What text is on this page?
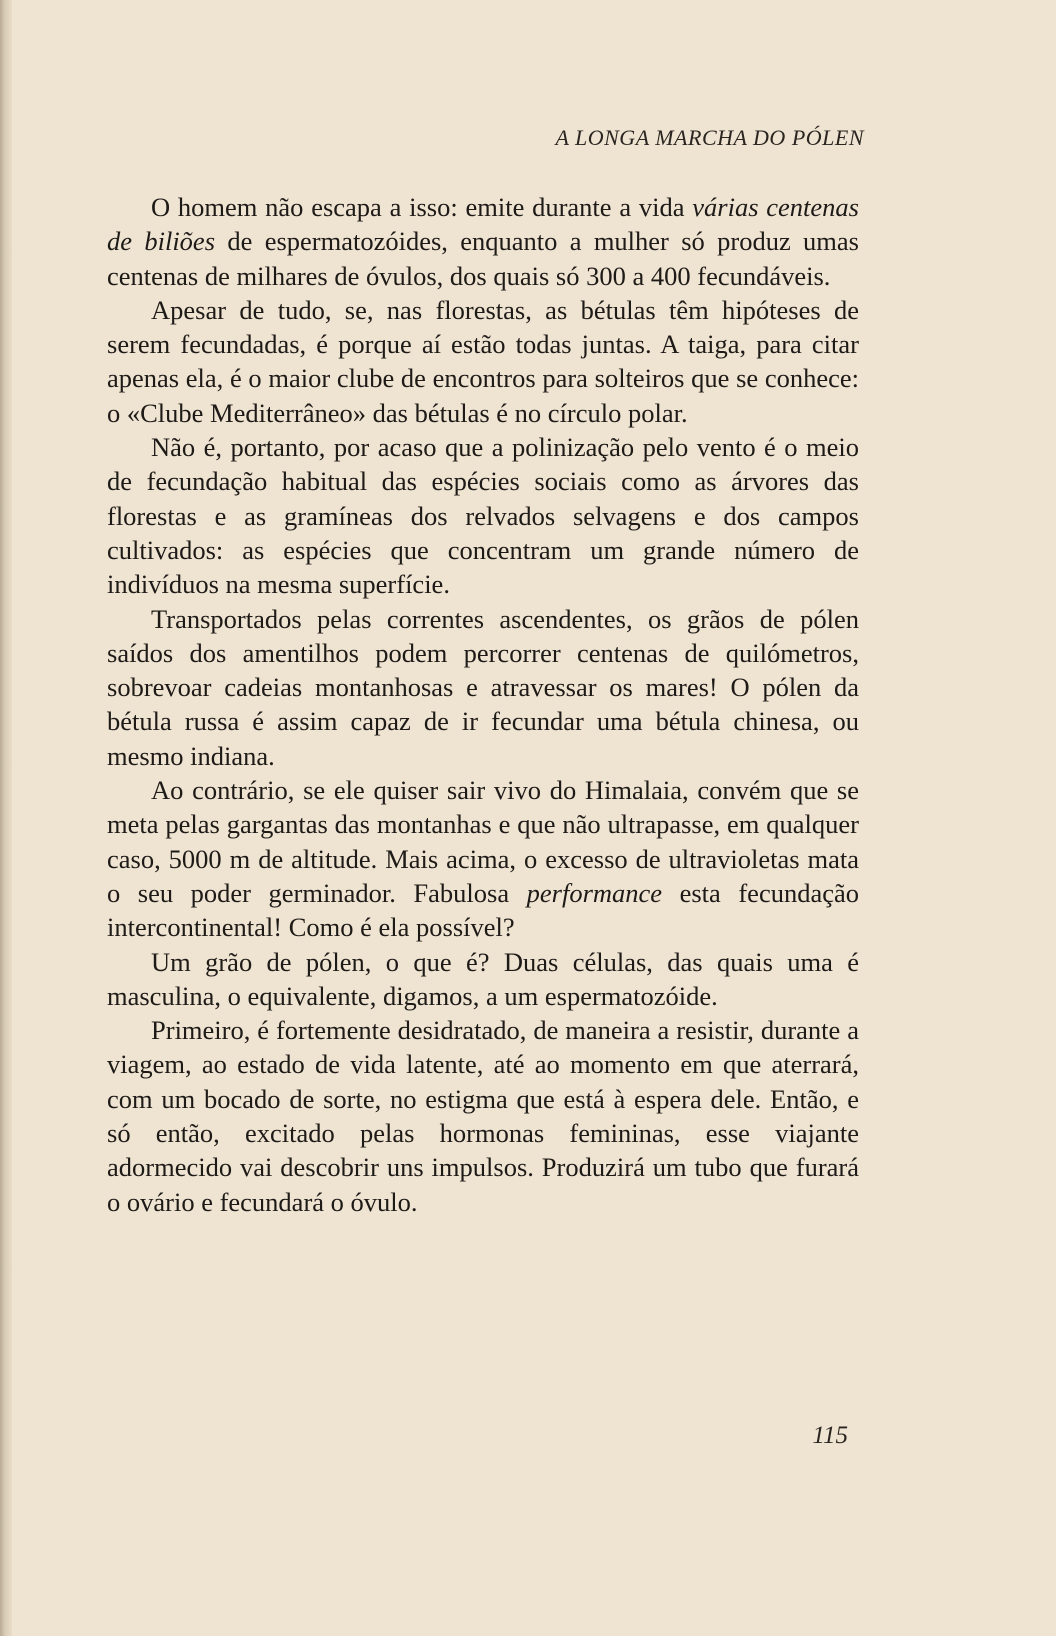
A LONGA MARCHA DO PÓLEN

O homem não escapa a isso: emite durante a vida várias centenas de biliões de espermatozóides, enquanto a mulher só produz umas centenas de milhares de óvulos, dos quais só 300 a 400 fecundáveis.

Apesar de tudo, se, nas florestas, as bétulas têm hipóteses de serem fecundadas, é porque aí estão todas juntas. A taiga, para citar apenas ela, é o maior clube de encontros para solteiros que se conhece: o «Clube Mediterrâneo» das bétulas é no círculo polar.

Não é, portanto, por acaso que a polinização pelo vento é o meio de fecundação habitual das espécies sociais como as árvores das florestas e as gramíneas dos relvados selvagens e dos campos cultivados: as espécies que concentram um grande número de indivíduos na mesma superfície.

Transportados pelas correntes ascendentes, os grãos de pólen saídos dos amentilhos podem percorrer centenas de quilómetros, sobrevoar cadeias montanhosas e atravessar os mares! O pólen da bétula russa é assim capaz de ir fecundar uma bétula chinesa, ou mesmo indiana.

Ao contrário, se ele quiser sair vivo do Himalaia, convém que se meta pelas gargantas das montanhas e que não ultrapasse, em qualquer caso, 5000 m de altitude. Mais acima, o excesso de ultravioletas mata o seu poder germinador. Fabulosa performance esta fecundação intercontinental! Como é ela possível?

Um grão de pólen, o que é? Duas células, das quais uma é masculina, o equivalente, digamos, a um espermatozóide.

Primeiro, é fortemente desidratado, de maneira a resistir, durante a viagem, ao estado de vida latente, até ao momento em que aterrará, com um bocado de sorte, no estigma que está à espera dele. Então, e só então, excitado pelas hormonas femininas, esse viajante adormecido vai descobrir uns impulsos. Produzirá um tubo que furará o ovário e fecundará o óvulo.

115
